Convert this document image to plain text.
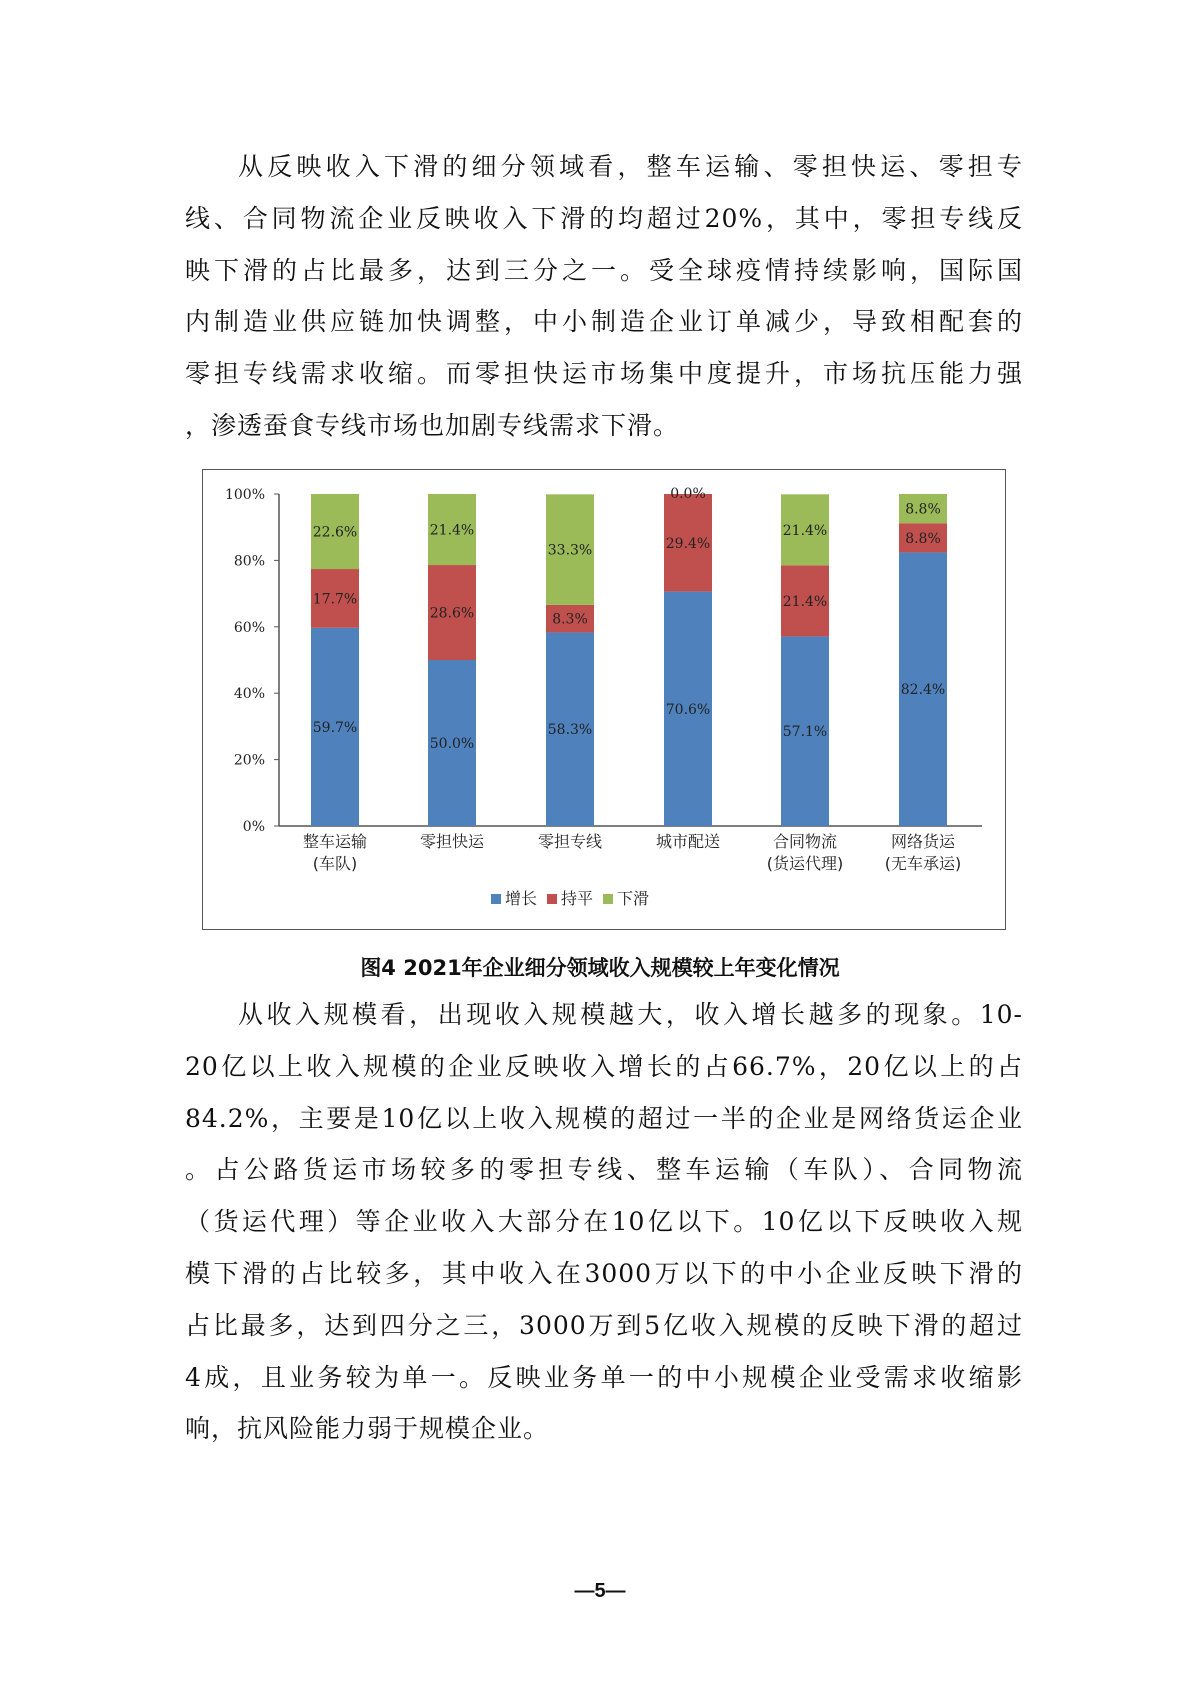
从反映收入下滑的细分领域看，整车运输、零担快运、零担专
线、合同物流企业反映收入下滑的均超过20%，其中，零担专线反
映下滑的占比最多，达到三分之一。受全球疫情持续影响，国际国
内制造业供应链加快调整，中小制造企业订单减少，导致相配套的
零担专线需求收缩。而零担快运市场集中度提升，市场抗压能力强
，渗透蚕食专线市场也加剧专线需求下滑。
0%
20%
40%
60%
80%
100%
59.7%
17.7%
22.6%
整车运输
(车队)
50.0%
28.6%
21.4%
零担快运
58.3%
8.3%
33.3%
零担专线
70.6%
29.4%
0.0%
城市配送
57.1%
21.4%
21.4%
合同物流
(货运代理)
82.4%
8.8%
8.8%
网络货运
(无车承运)
增长 持平 下滑
图4 2021年企业细分领域收入规模较上年变化情况
从收入规模看，出现收入规模越大，收入增长越多的现象。10-
20亿以上收入规模的企业反映收入增长的占66.7%，20亿以上的占
84.2%，主要是10亿以上收入规模的超过一半的企业是网络货运企业
。占公路货运市场较多的零担专线、整车运输（车队）、合同物流
（货运代理）等企业收入大部分在10亿以下。10亿以下反映收入规
模下滑的占比较多，其中收入在3000万以下的中小企业反映下滑的
占比最多，达到四分之三，3000万到5亿收入规模的反映下滑的超过
4成，且业务较为单一。反映业务单一的中小规模企业受需求收缩影
响，抗风险能力弱于规模企业。
—5—
